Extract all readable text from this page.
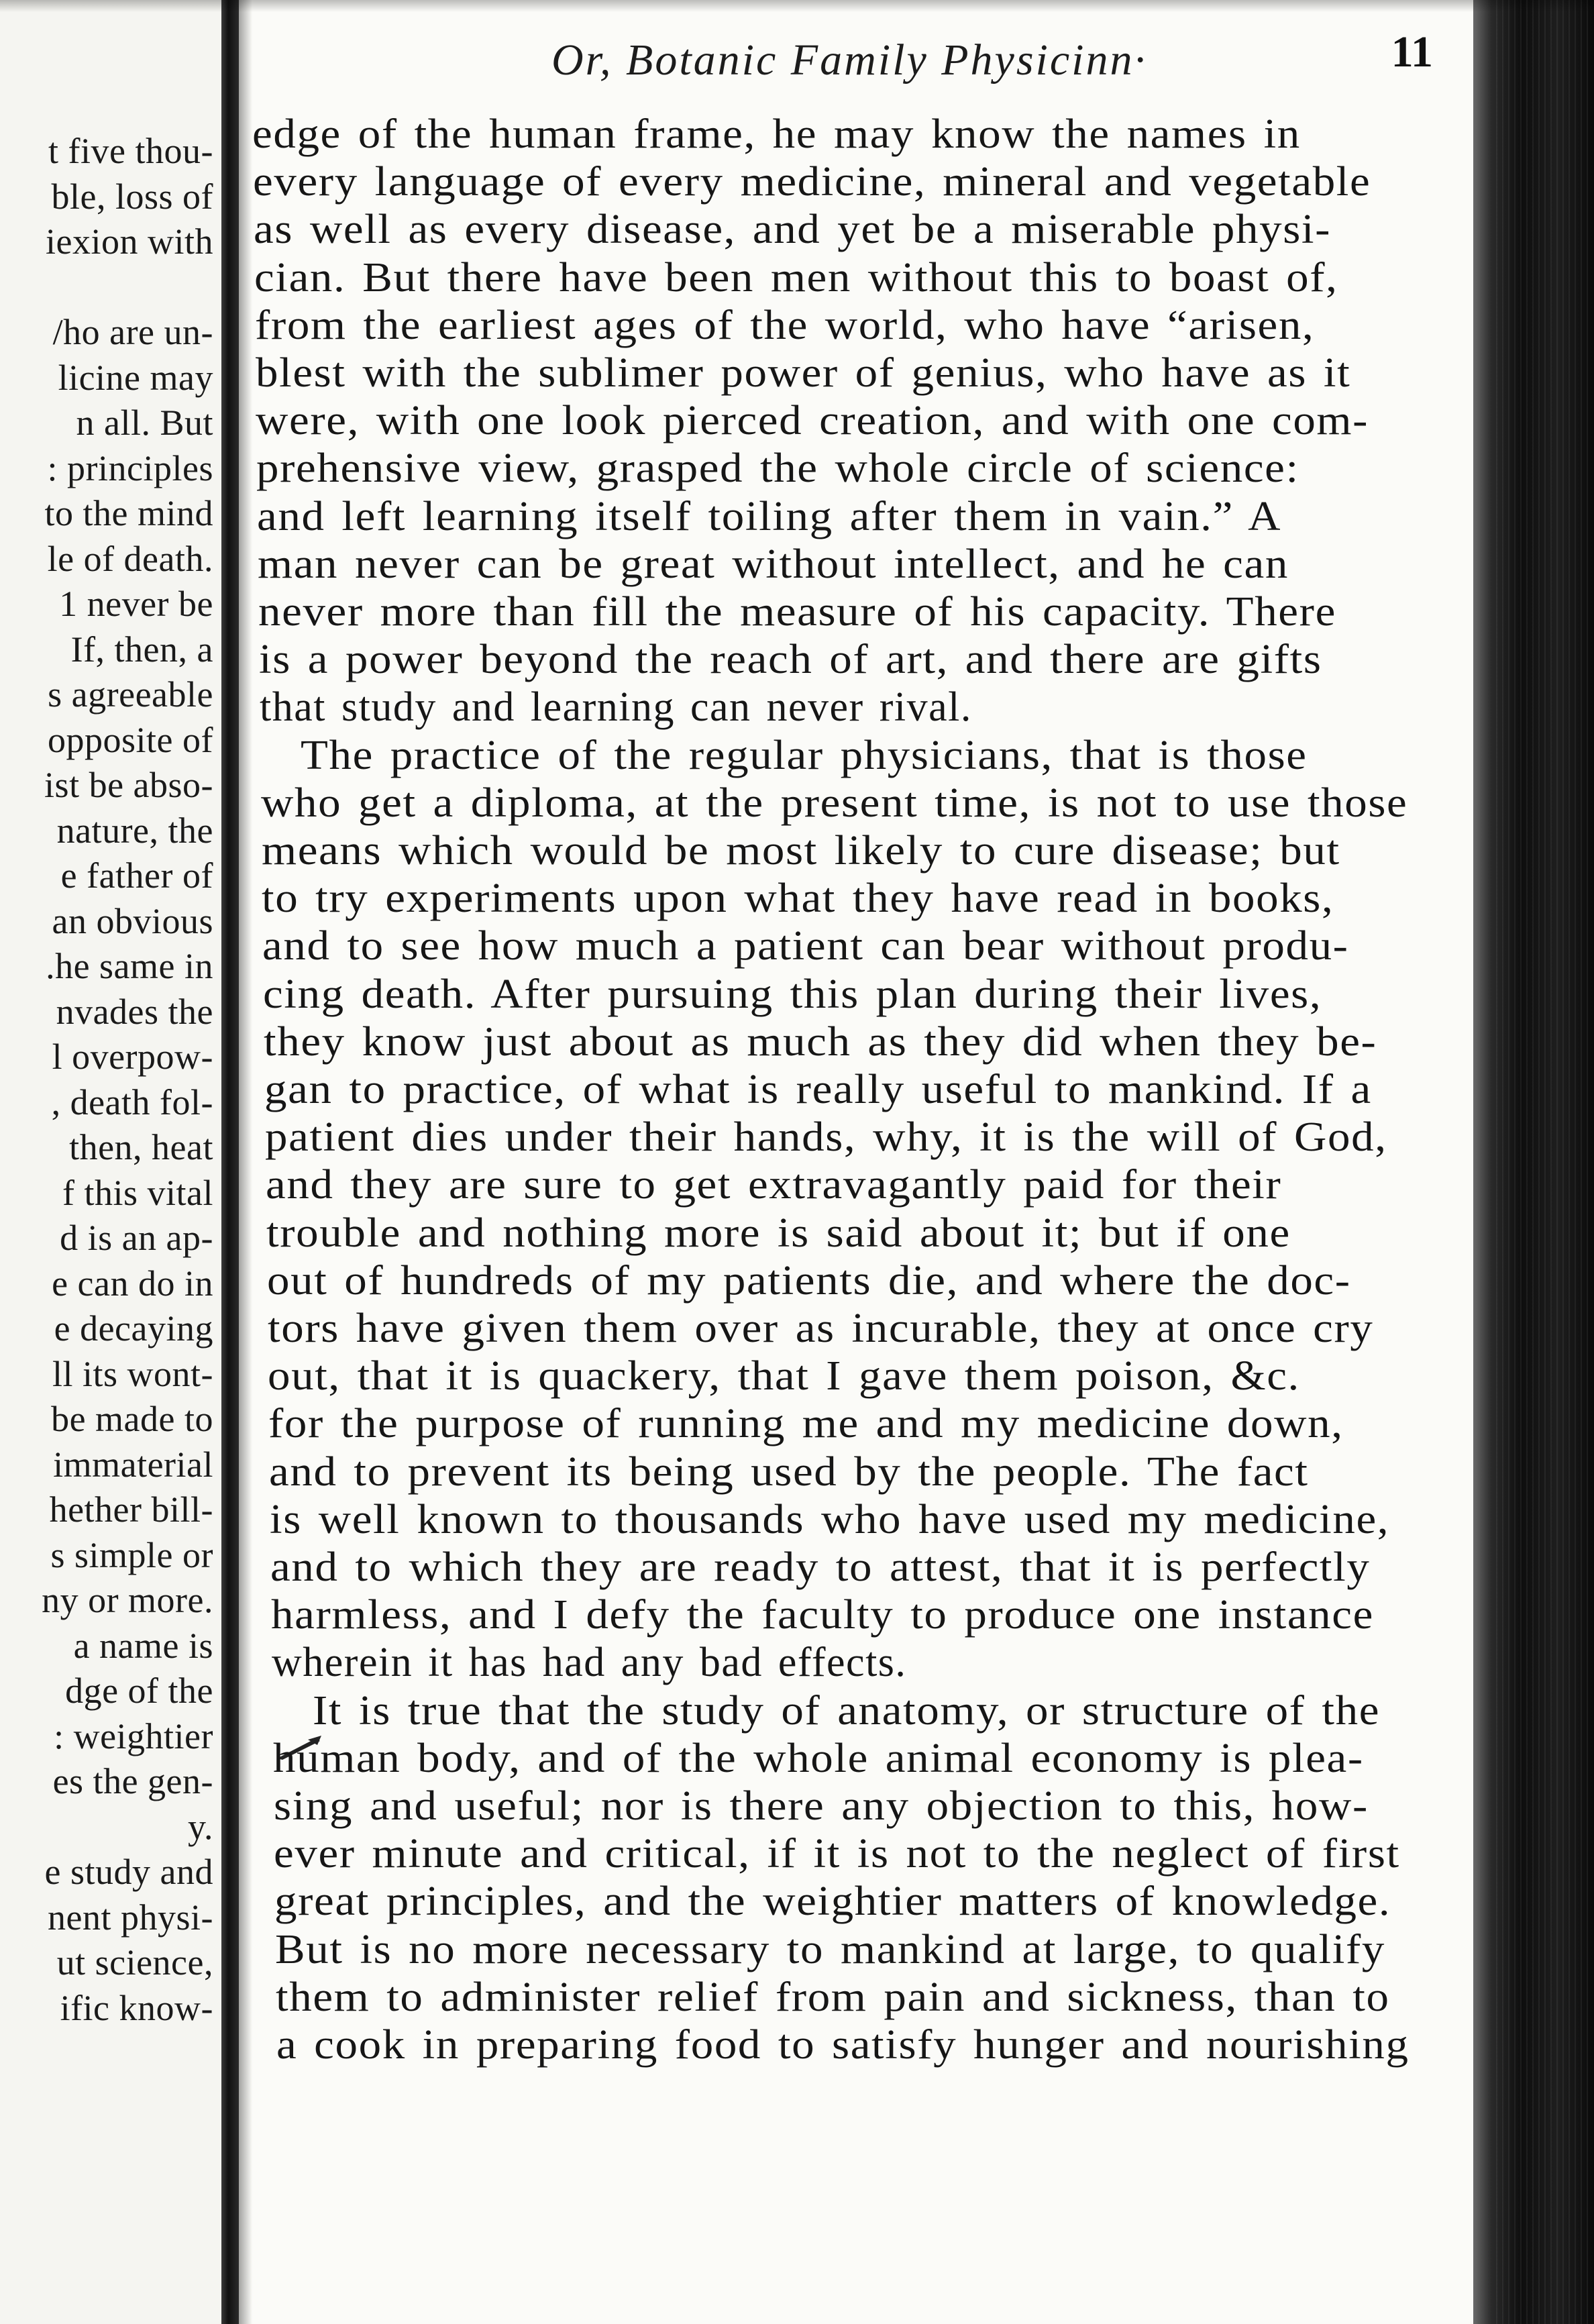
t five thou-
ble, loss of
iexion with
/ho are un-
licine may
n all. But
: principles
to the mind
le of death.
1 never be
If, then, a
s agreeable
opposite of
ist be abso-
nature, the
e father of
an obvious
.he same in
nvades the
l overpow-
, death fol-
then, heat
f this vital
d is an ap-
e can do in
e decaying
ll its wont-
be made to
immaterial
hether bill-
s simple or
ny or more.
a name is
dge of the
: weightier
es the gen-
y.
e study and
nent physi-
ut science,
ific know-
Or, Botanic Family Physicinn·	11
edge of the human frame, he may know the names in
every language of every medicine, mineral and vegetable
as well as every disease, and yet be a miserable physi-
cian. But there have been men without this to boast of,
from the earliest ages of the world, who have “arisen,
blest with the sublimer power of genius, who have as it
were, with one look pierced creation, and with one com-
prehensive view, grasped the whole circle of science:
and left learning itself toiling after them in vain.” A
man never can be great without intellect, and he can
never more than fill the measure of his capacity. There
is a power beyond the reach of art, and there are gifts
that study and learning can never rival.
The practice of the regular physicians, that is those
who get a diploma, at the present time, is not to use those
means which would be most likely to cure disease; but
to try experiments upon what they have read in books,
and to see how much a patient can bear without produ-
cing death. After pursuing this plan during their lives,
they know just about as much as they did when they be-
gan to practice, of what is really useful to mankind. If a
patient dies under their hands, why, it is the will of God,
and they are sure to get extravagantly paid for their
trouble and nothing more is said about it; but if one
out of hundreds of my patients die, and where the doc-
tors have given them over as incurable, they at once cry
out, that it is quackery, that I gave them poison, &c.
for the purpose of running me and my medicine down,
and to prevent its being used by the people. The fact
is well known to thousands who have used my medicine,
and to which they are ready to attest, that it is perfectly
harmless, and I defy the faculty to produce one instance
wherein it has had any bad effects.
It is true that the study of anatomy, or structure of the
human body, and of the whole animal economy is plea-
sing and useful; nor is there any objection to this, how-
ever minute and critical, if it is not to the neglect of first
great principles, and the weightier matters of knowledge.
But is no more necessary to mankind at large, to qualify
them to administer relief from pain and sickness, than to
a cook in preparing food to satisfy hunger and nourishing
